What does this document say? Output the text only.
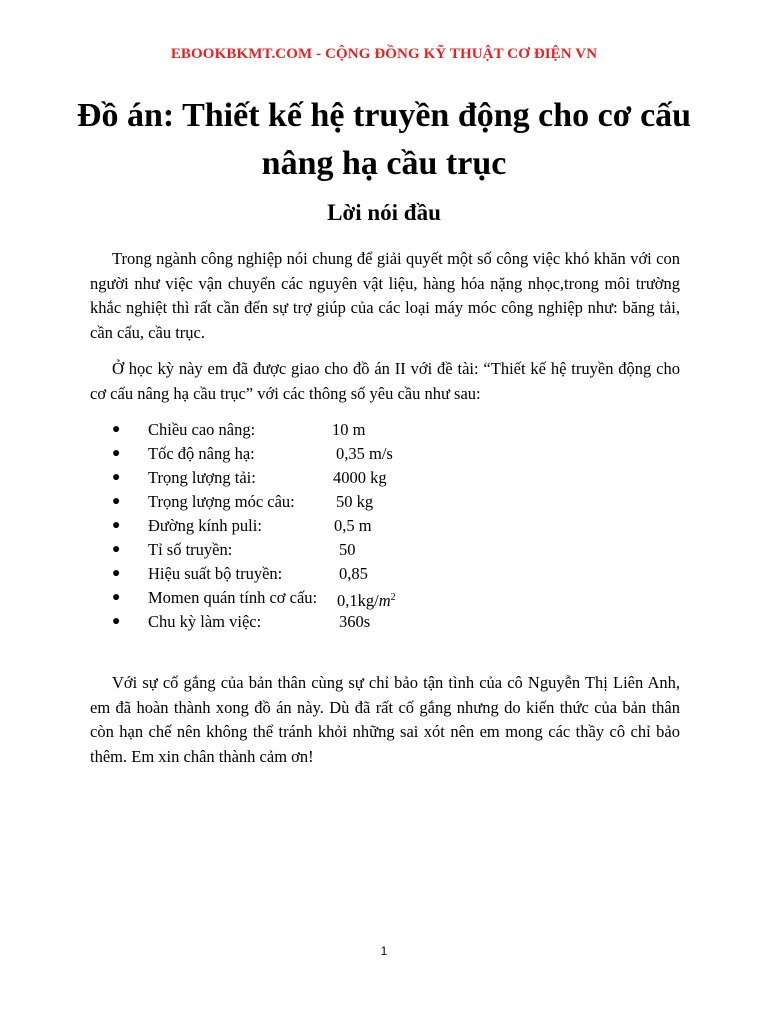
EBOOKBKMT.COM - CỘNG ĐỒNG KỸ THUẬT CƠ ĐIỆN VN
Đồ án: Thiết kế hệ truyền động cho cơ cấu nâng hạ cầu trục
Lời nói đầu
Trong ngành công nghiệp nói chung để giải quyết một số công việc khó khăn với con người như việc vận chuyển các nguyên vật liệu, hàng hóa nặng nhọc,trong môi trường khắc nghiệt thì rất cần đến sự trợ giúp của các loại máy móc công nghiệp như: băng tải, cần cẩu, cầu trục.
Ở học kỳ này em đã được giao cho đồ án II với đề tài: “Thiết kế hệ truyền động cho cơ cấu nâng hạ cầu trục” với các thông số yêu cầu như sau:
● Chiều cao nâng:	10 m
● Tốc độ nâng hạ:	0,35 m/s
● Trọng lượng tải:	4000 kg
● Trọng lượng móc câu: 50 kg
● Đường kính puli:	0,5 m
● Tỉ số truyền:	50
● Hiệu suất bộ truyền:	0,85
● Momen quán tính cơ cấu: $0,1kg/m^2$
● Chu kỳ làm việc:	360s
Với sự cố gắng của bản thân cùng sự chỉ bảo tận tình của cô Nguyễn Thị Liên Anh, em đã hoàn thành xong đồ án này. Dù đã rất cố gắng nhưng do kiến thức của bản thân còn hạn chế nên không thể tránh khỏi những sai xót nên em mong các thầy cô chỉ bảo thêm. Em xin chân thành cảm ơn!
1
